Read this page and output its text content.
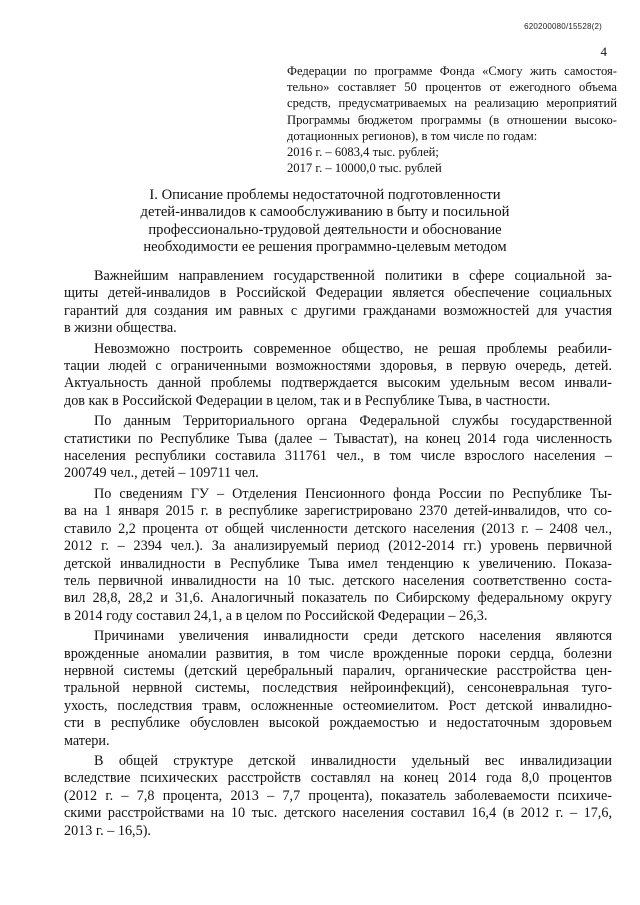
620200080/15528(2)
4

Федерации по программе Фонда «Смогу жить самостоя- тельно» составляет 50 процентов от ежегодного объема средств, предусматриваемых на реализацию мероприятий Программы бюджетом программы (в отношении высоко- дотационных регионов), в том числе по годам:

2016 г. – 6083,4 тыс. рублей;

2017 г. – 10000,0 тыс. рублей

I. Описание проблемы недостаточной подготовленности
детей-инвалидов к самообслуживанию в быту и посильной
профессионально-трудовой деятельности и обоснование
необходимости ее решения программно-целевым методом

Важнейшим направлением государственной политики в сфере социальной за-
щиты детей-инвалидов в Российской Федерации является обеспечение социальных
гарантий для создания им равных с другими гражданами возможностей для участия
в жизни общества.

Невозможно построить современное общество, не решая проблемы реабили-
тации людей с ограниченными возможностями здоровья, в первую очередь, детей.
Актуальность данной проблемы подтверждается высоким удельным весом инвали-
дов как в Российской Федерации в целом, так и в Республике Тыва, в частности.

По данным Территориального органа Федеральной службы государственной
статистики по Республике Тыва (далее – Тывастат), на конец 2014 года численность
населения республики составила 311761 чел., в том числе взрослого населения –
200749 чел., детей – 109711 чел.

По сведениям ГУ – Отделения Пенсионного фонда России по Республике Ты-
ва на 1 января 2015 г. в республике зарегистрировано 2370 детей-инвалидов, что со-
ставило 2,2 процента от общей численности детского населения (2013 г. – 2408 чел.,
2012 г. – 2394 чел.). За анализируемый период (2012-2014 гг.) уровень первичной
детской инвалидности в Республике Тыва имел тенденцию к увеличению. Показа-
тель первичной инвалидности на 10 тыс. детского населения соответственно соста-
вил 28,8, 28,2 и 31,6. Аналогичный показатель по Сибирскому федеральному округу
в 2014 году составил 24,1, а в целом по Российской Федерации – 26,3.

Причинами увеличения инвалидности среди детского населения являются
врожденные аномалии развития, в том числе врожденные пороки сердца, болезни
нервной системы (детский церебральный паралич, органические расстройства цен-
тральной нервной системы, последствия нейроинфекций), сенсоневральная туго-
ухость, последствия травм, осложненные остеомиелитом. Рост детской инвалидно-
сти в республике обусловлен высокой рождаемостью и недостаточным здоровьем
матери.

В общей структуре детской инвалидности удельный вес инвалидизации
вследствие психических расстройств составлял на конец 2014 года 8,0 процентов
(2012 г. – 7,8 процента, 2013 – 7,7 процента), показатель заболеваемости психиче-
скими расстройствами на 10 тыс. детского населения составил 16,4 (в 2012 г. – 17,6,
2013 г. – 16,5).
